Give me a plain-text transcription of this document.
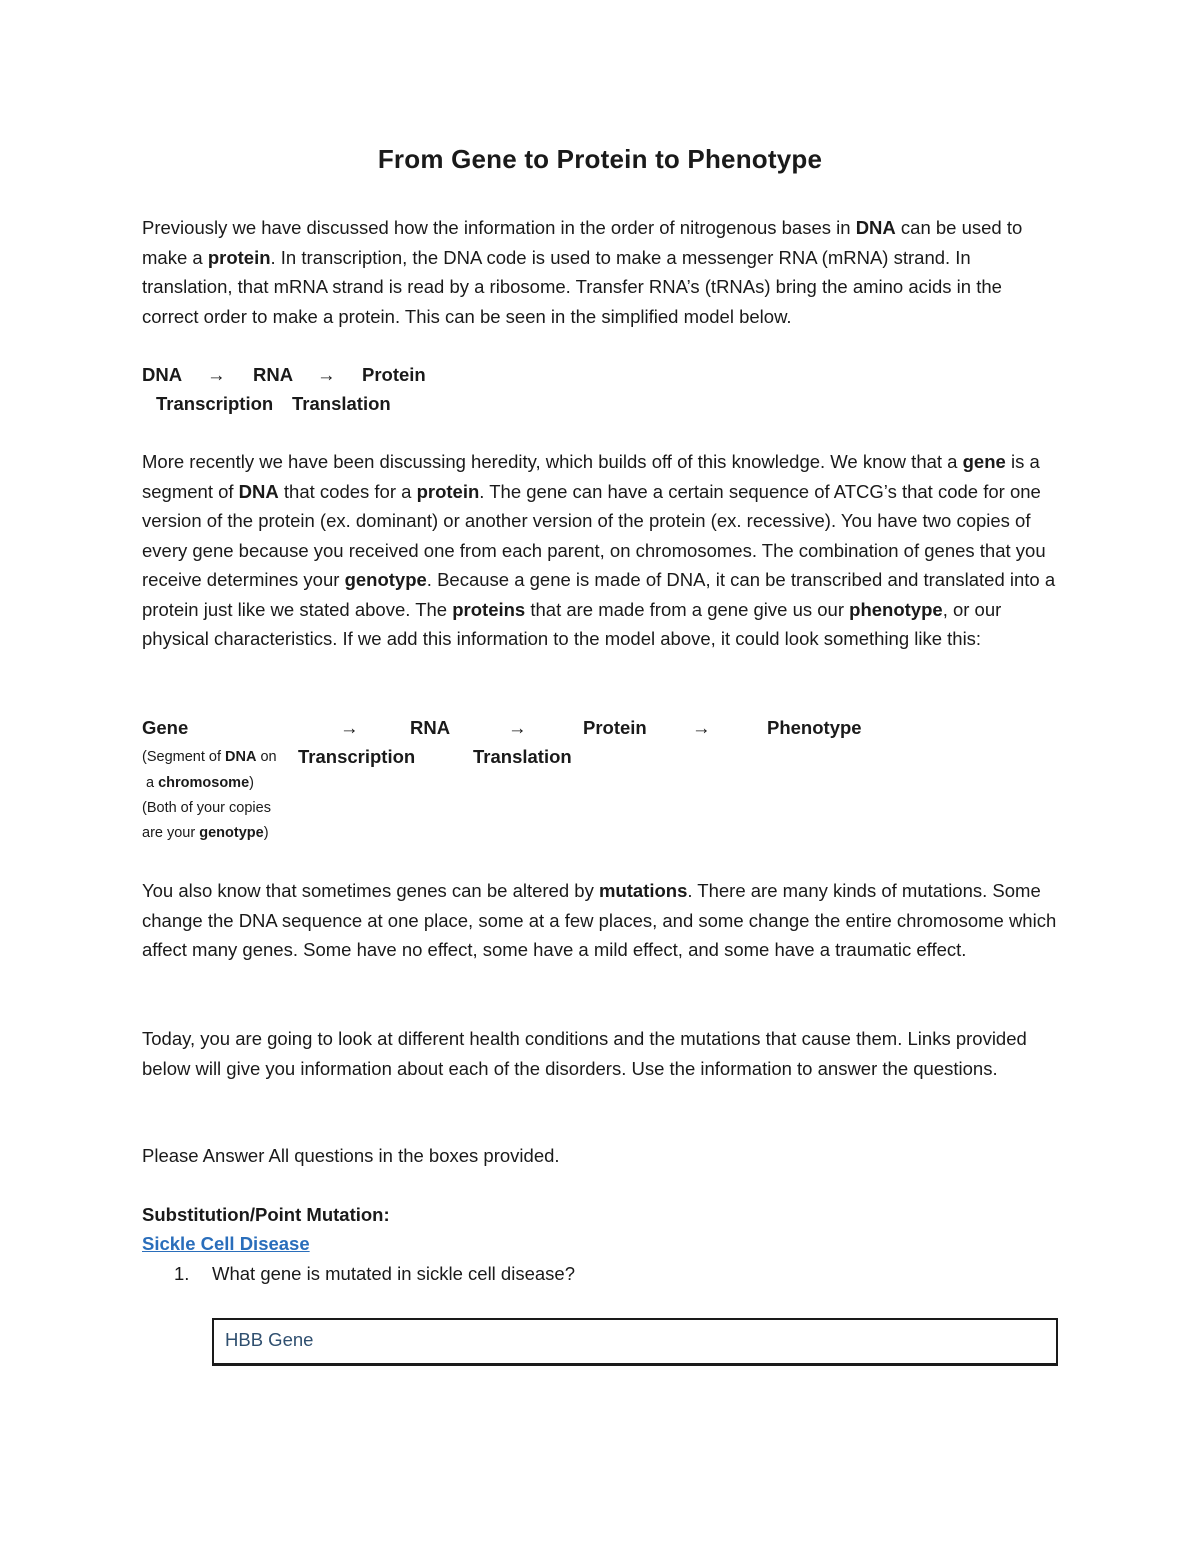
From Gene to Protein to Phenotype
Previously we have discussed how the information in the order of nitrogenous bases in DNA can be used to make a protein. In transcription, the DNA code is used to make a messenger RNA (mRNA) strand. In translation, that mRNA strand is read by a ribosome. Transfer RNA’s (tRNAs) bring the amino acids in the correct order to make a protein. This can be seen in the simplified model below.
DNA → RNA → Protein
Transcription Translation
More recently we have been discussing heredity, which builds off of this knowledge. We know that a gene is a segment of DNA that codes for a protein. The gene can have a certain sequence of ATCG’s that code for one version of the protein (ex. dominant) or another version of the protein (ex. recessive). You have two copies of every gene because you received one from each parent, on chromosomes. The combination of genes that you receive determines your genotype. Because a gene is made of DNA, it can be transcribed and translated into a protein just like we stated above. The proteins that are made from a gene give us our phenotype, or our physical characteristics. If we add this information to the model above, it could look something like this:
Gene	→	RNA	→	Protein →	Phenotype
Transcription	Translation
(Segment of DNA on
a chromosome)
(Both of your copies
are your genotype)
You also know that sometimes genes can be altered by mutations. There are many kinds of mutations. Some change the DNA sequence at one place, some at a few places, and some change the entire chromosome which affect many genes. Some have no effect, some have a mild effect, and some have a traumatic effect.
Today, you are going to look at different health conditions and the mutations that cause them. Links provided below will give you information about each of the disorders. Use the information to answer the questions.
Please Answer All questions in the boxes provided.
Substitution/Point Mutation:
Sickle Cell Disease
1. What gene is mutated in sickle cell disease?
HBB Gene
